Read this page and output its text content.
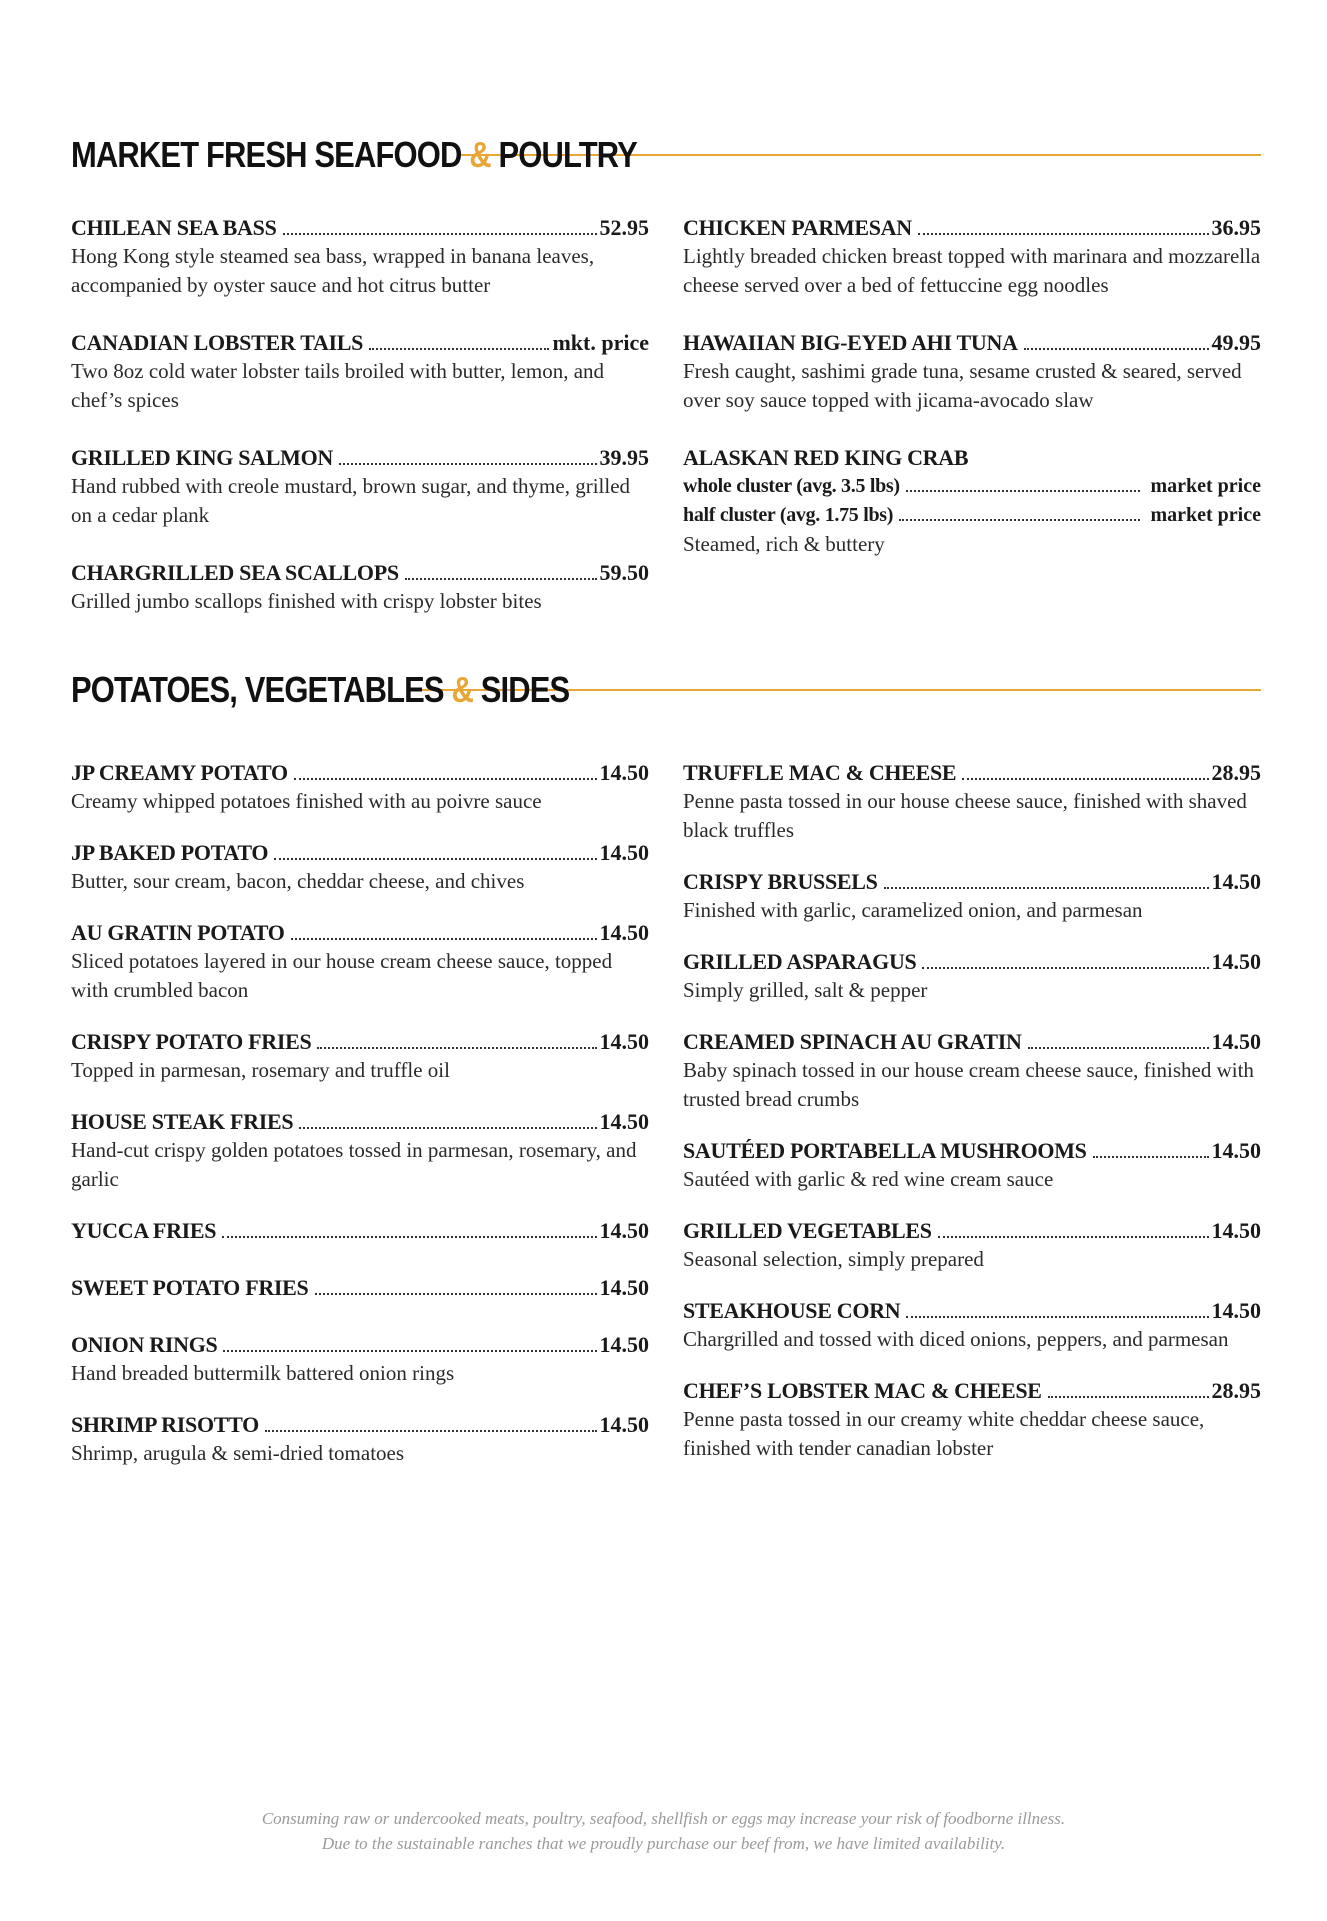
MARKET FRESH SEAFOOD & POULTRY
CHILEAN SEA BASS	52.95
Hong Kong style steamed sea bass, wrapped in banana leaves, accompanied by oyster sauce and hot citrus butter
CANADIAN LOBSTER TAILS	mkt. price
Two 8oz cold water lobster tails broiled with butter, lemon, and chef’s spices
GRILLED KING SALMON	39.95
Hand rubbed with creole mustard, brown sugar, and thyme, grilled on a cedar plank
CHARGRILLED SEA SCALLOPS	59.50
Grilled jumbo scallops finished with crispy lobster bites
CHICKEN PARMESAN	36.95
Lightly breaded chicken breast topped with marinara and mozzarella cheese served over a bed of fettuccine egg noodles
HAWAIIAN BIG-EYED AHI TUNA	49.95
Fresh caught, sashimi grade tuna, sesame crusted & seared, served over soy sauce topped with jicama-avocado slaw
ALASKAN RED KING CRAB
whole cluster (avg. 3.5 lbs)	market price
half cluster (avg. 1.75 lbs)	market price
Steamed, rich & buttery
POTATOES, VEGETABLES & SIDES
JP CREAMY POTATO	14.50
Creamy whipped potatoes finished with au poivre sauce
JP BAKED POTATO	14.50
Butter, sour cream, bacon, cheddar cheese, and chives
AU GRATIN POTATO	14.50
Sliced potatoes layered in our house cream cheese sauce, topped with crumbled bacon
CRISPY POTATO FRIES	14.50
Topped in parmesan, rosemary and truffle oil
HOUSE STEAK FRIES	14.50
Hand-cut crispy golden potatoes tossed in parmesan, rosemary, and garlic
YUCCA FRIES	14.50
SWEET POTATO FRIES	14.50
ONION RINGS	14.50
Hand breaded buttermilk battered onion rings
SHRIMP RISOTTO	14.50
Shrimp, arugula & semi-dried tomatoes
TRUFFLE MAC & CHEESE	28.95
Penne pasta tossed in our house cheese sauce, finished with shaved black truffles
CRISPY BRUSSELS	14.50
Finished with garlic, caramelized onion, and parmesan
GRILLED ASPARAGUS	14.50
Simply grilled, salt & pepper
CREAMED SPINACH AU GRATIN	14.50
Baby spinach tossed in our house cream cheese sauce, finished with trusted bread crumbs
SAUTÉED PORTABELLA MUSHROOMS	14.50
Sautéed with garlic & red wine cream sauce
GRILLED VEGETABLES	14.50
Seasonal selection, simply prepared
STEAKHOUSE CORN	14.50
Chargrilled and tossed with diced onions, peppers, and parmesan
CHEF’S LOBSTER MAC & CHEESE	28.95
Penne pasta tossed in our creamy white cheddar cheese sauce, finished with tender canadian lobster
Consuming raw or undercooked meats, poultry, seafood, shellfish or eggs may increase your risk of foodborne illness.
Due to the sustainable ranches that we proudly purchase our beef from, we have limited availability.
